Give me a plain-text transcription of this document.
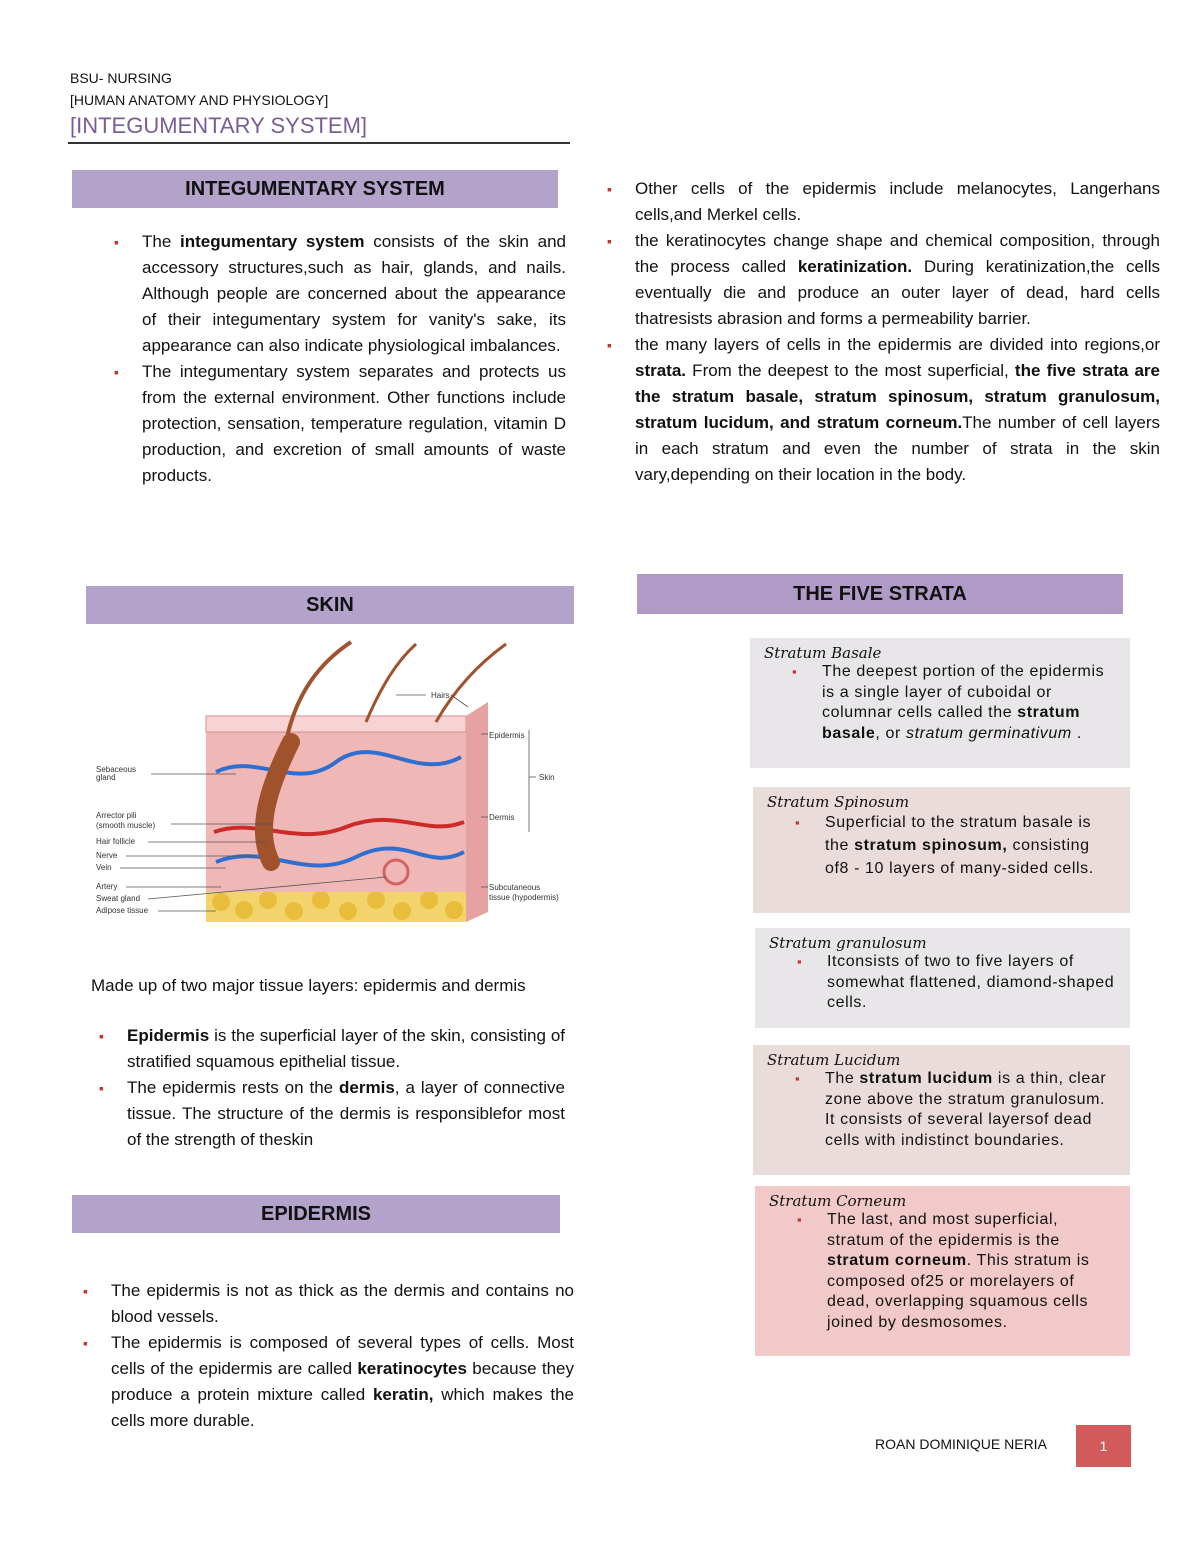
BSU- NURSING
[HUMAN ANATOMY AND PHYSIOLOGY]
[INTEGUMENTARY SYSTEM]
INTEGUMENTARY SYSTEM
▪ The integumentary system consists of the skin and accessory structures,such as hair, glands, and nails. Although people are concerned about the appearance of their integumentary system for vanity's sake, its appearance can also indicate physiological imbalances.
▪ The integumentary system separates and protects us from the external environment. Other functions include protection, sensation, temperature regulation, vitamin D production, and excretion of small amounts of waste products.
SKIN
Sebaceous
gland
Arrector pili
(smooth muscle)
Hair follicle
Nerve
Vein
Artery
Sweat gland
Adipose tissue
Hairs
Epidermis
Skin
Dermis
Subcutaneous
tissue (hypodermis)
Made up of two major tissue layers: epidermis and dermis
▪ Epidermis is the superficial layer of the skin, consisting of stratified squamous epithelial tissue.
▪ The epidermis rests on the dermis, a layer of connective tissue. The structure of the dermis is responsiblefor most of the strength of theskin
EPIDERMIS
▪ The epidermis is not as thick as the dermis and contains no blood vessels.
▪ The epidermis is composed of several types of cells. Most cells of the epidermis are called keratinocytes because they produce a protein mixture called keratin, which makes the cells more durable.
▪ Other cells of the epidermis include melanocytes, Langerhans cells,and Merkel cells.
▪ the keratinocytes change shape and chemical composition, through the process called keratinization. During keratinization,the cells eventually die and produce an outer layer of dead, hard cells thatresists abrasion and forms a permeability barrier.
▪ the many layers of cells in the epidermis are divided into regions,or strata. From the deepest to the most superficial, the five strata are the stratum basale, stratum spinosum, stratum granulosum, stratum lucidum, and stratum corneum.The number of cell layers in each stratum and even the number of strata in the skin vary,depending on their location in the body.
THE FIVE STRATA
Stratum Basale
▪ The deepest portion of the epidermis is a single layer of cuboidal or columnar cells called the stratum basale, or stratum germinativum .
Stratum Spinosum
▪ Superficial to the stratum basale is the stratum spinosum, consisting of8 - 10 layers of many-sided cells.
Stratum granulosum
▪ Itconsists of two to five layers of somewhat flattened, diamond-shaped cells.
Stratum Lucidum
▪ The stratum lucidum is a thin, clear zone above the stratum granulosum. It consists of several layersof dead cells with indistinct boundaries.
Stratum Corneum
▪ The last, and most superficial, stratum of the epidermis is the stratum corneum. This stratum is composed of25 or morelayers of dead, overlapping squamous cells joined by desmosomes.
ROAN DOMINIQUE NERIA	1
